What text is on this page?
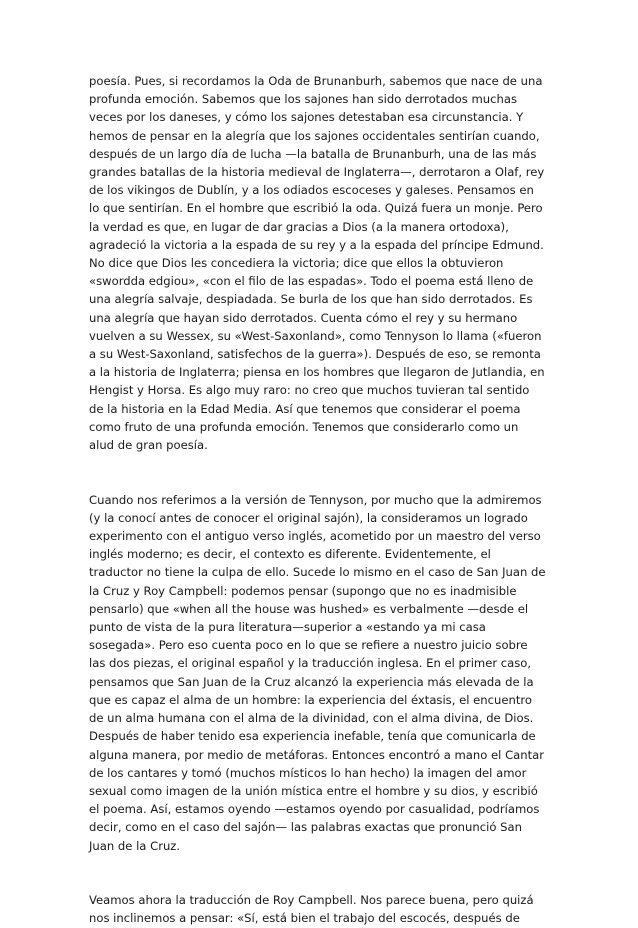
poesía. Pues, si recordamos la Oda de Brunanburh, sabemos que nace de una
profunda emoción. Sabemos que los sajones han sido derrotados muchas
veces por los daneses, y cómo los sajones detestaban esa circunstancia. Y
hemos de pensar en la alegría que los sajones occidentales sentirían cuando,
después de un largo día de lucha —la batalla de Brunanburh, una de las más
grandes batallas de la historia medieval de Inglaterra—, derrotaron a Olaf, rey
de los vikingos de Dublín, y a los odiados escoceses y galeses. Pensamos en
lo que sentirían. En el hombre que escribió la oda. Quizá fuera un monje. Pero
la verdad es que, en lugar de dar gracias a Dios (a la manera ortodoxa),
agradeció la victoria a la espada de su rey y a la espada del príncipe Edmund.
No dice que Dios les concediera la victoria; dice que ellos la obtuvieron
«swordda edgiou», «con el filo de las espadas». Todo el poema está lleno de
una alegría salvaje, despiadada. Se burla de los que han sido derrotados. Es
una alegría que hayan sido derrotados. Cuenta cómo el rey y su hermano
vuelven a su Wessex, su «West-Saxonland», como Tennyson lo llama («fueron
a su West-Saxonland, satisfechos de la guerra»). Después de eso, se remonta
a la historia de Inglaterra; piensa en los hombres que llegaron de Jutlandia, en
Hengist y Horsa. Es algo muy raro: no creo que muchos tuvieran tal sentido
de la historia en la Edad Media. Así que tenemos que considerar el poema
como fruto de una profunda emoción. Tenemos que considerarlo como un
alud de gran poesía.

Cuando nos referimos a la versión de Tennyson, por mucho que la admiremos
(y la conocí antes de conocer el original sajón), la consideramos un logrado
experimento con el antiguo verso inglés, acometido por un maestro del verso
inglés moderno; es decir, el contexto es diferente. Evidentemente, el
traductor no tiene la culpa de ello. Sucede lo mismo en el caso de San Juan de
la Cruz y Roy Campbell: podemos pensar (supongo que no es inadmisible
pensarlo) que «when all the house was hushed» es verbalmente —desde el
punto de vista de la pura literatura—superior a «estando ya mi casa
sosegada». Pero eso cuenta poco en lo que se refiere a nuestro juicio sobre
las dos piezas, el original español y la traducción inglesa. En el primer caso,
pensamos que San Juan de la Cruz alcanzó la experiencia más elevada de la
que es capaz el alma de un hombre: la experiencia del éxtasis, el encuentro
de un alma humana con el alma de la divinidad, con el alma divina, de Dios.
Después de haber tenido esa experiencia inefable, tenía que comunicarla de
alguna manera, por medio de metáforas. Entonces encontró a mano el Cantar
de los cantares y tomó (muchos místicos lo han hecho) la imagen del amor
sexual como imagen de la unión mística entre el hombre y su dios, y escribió
el poema. Así, estamos oyendo —estamos oyendo por casualidad, podríamos
decir, como en el caso del sajón— las palabras exactas que pronunció San
Juan de la Cruz.

Veamos ahora la traducción de Roy Campbell. Nos parece buena, pero quizá
nos inclinemos a pensar: «Sí, está bien el trabajo del escocés, después de
